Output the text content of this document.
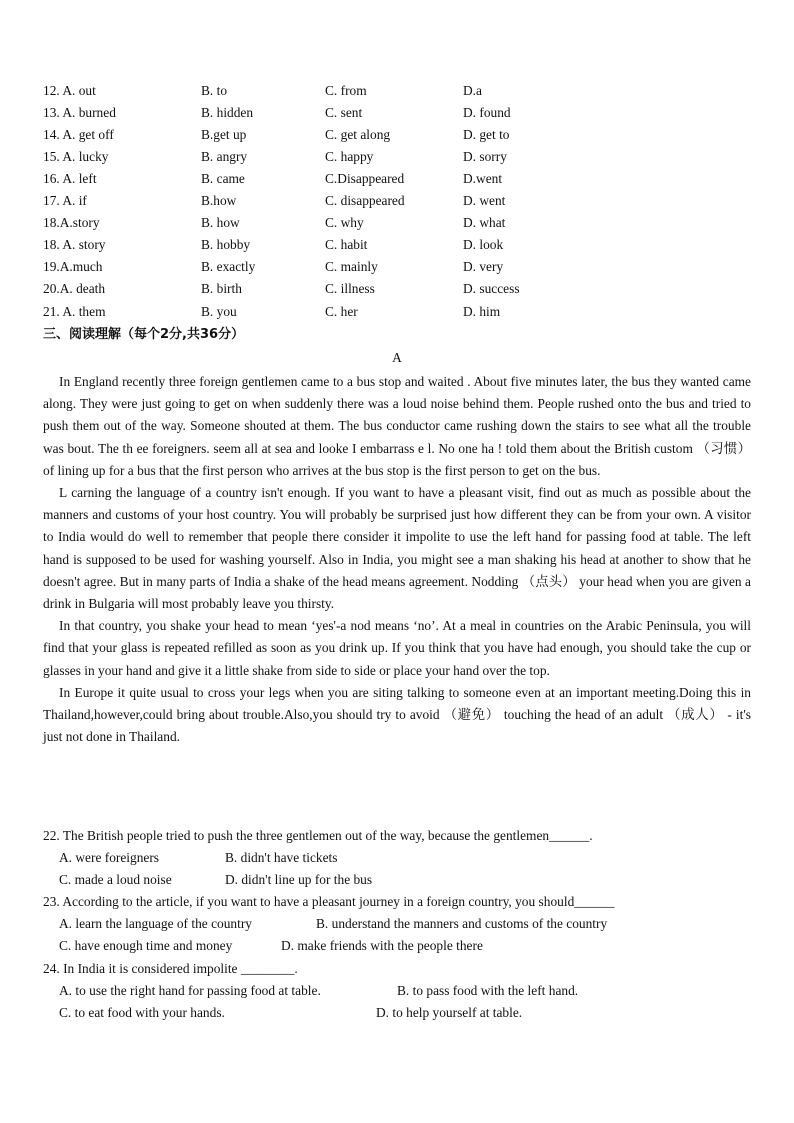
12. A. out	B. to	C. from	D.a
13. A. burned	B. hidden	C. sent	D. found
14. A. get off	B.get up	C. get along	D. get to
15. A. lucky	B. angry	C. happy	D. sorry
16. A. left	B. came	C.Disappeared	D.went
17. A. if	B.how	C. disappeared	D. went
18.A.story	B. how	C. why	D. what
18. A. story	B. hobby	C. habit	D. look
19.A.much	B. exactly	C. mainly	D. very
20.A. death	B. birth	C. illness	D. success
21. A. them	B. you	C. her	D. him
三、阅读理解（每个2分,共36分）
A

In England recently three foreign gentlemen came to a bus stop and waited . About five minutes later, the bus they wanted came along. They were just going to get on when suddenly there was a loud noise behind them. People rushed onto the bus and tried to push them out of the way. Someone shouted at them. The bus conductor came rushing down the stairs to see what all the trouble was bout. The th ee foreigners. seem all at sea and looke I embarrass e l. No one ha ! told them about the British custom （习惯） of lining up for a bus that the first person who arrives at the bus stop is the first person to get on the bus.

L carning the language of a country isn't enough. If you want to have a pleasant visit, find out as much as possible about the manners and customs of your host country. You will probably be surprised just how different they can be from your own. A visitor to India would do well to remember that people there consider it impolite to use the left hand for passing food at table. The left hand is supposed to be used for washing yourself. Also in India, you might see a man shaking his head at another to show that he doesn't agree. But in many parts of India a shake of the head means agreement. Nodding （点头） your head when you are given a drink in Bulgaria will most probably leave you thirsty.

In that country, you shake your head to mean ‘yes'-a nod means ‘no’. At a meal in countries on the Arabic Peninsula, you will find that your glass is repeated refilled as soon as you drink up. If you think that you have had enough, you should take the cup or glasses in your hand and give it a little shake from side to side or place your hand over the top.

In Europe it quite usual to cross your legs when you are siting talking to someone even at an important meeting.Doing this in Thailand,however,could bring about trouble.Also,you should try to avoid （避免） touching the head of an adult （成人） - it's just not done in Thailand.

22. The British people tried to push the three gentlemen out of the way, because the gentlemen______.
A. were foreigners	B. didn't have tickets
C. made a loud noise	D. didn't line up for the bus
23. According to the article, if you want to have a pleasant journey in a foreign country, you should______
A. learn the language of the country	B. understand the manners and customs of the country
C. have enough time and money	D. make friends with the people there
24. In India it is considered impolite ________.
A. to use the right hand for passing food at table.	B. to pass food with the left hand.
C. to eat food with your hands.	D. to help yourself at table.
